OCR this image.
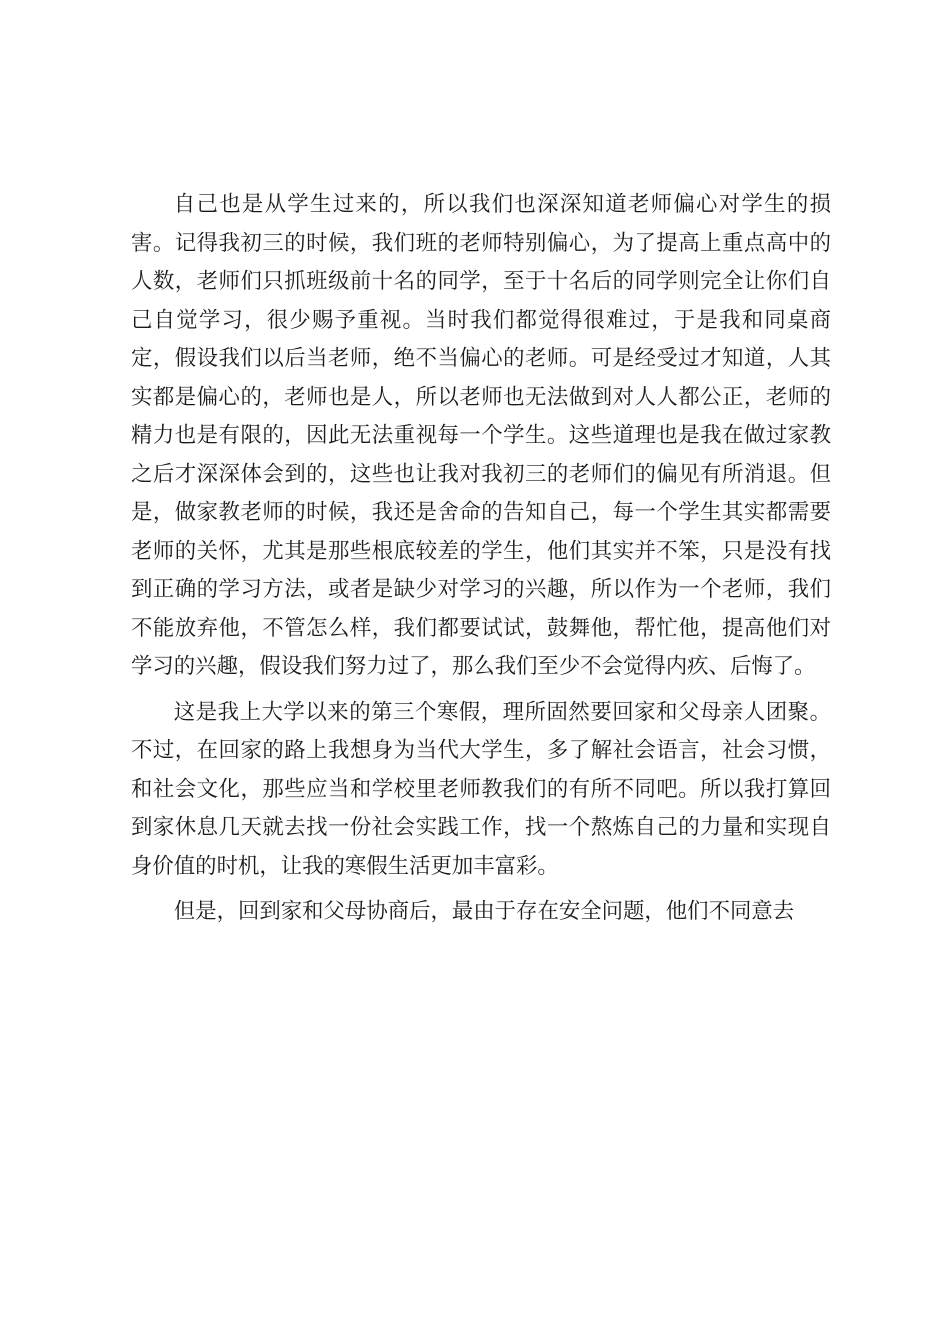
自己也是从学生过来的，所以我们也深深知道老师偏心对学生的损害。记得我初三的时候，我们班的老师特别偏心，为了提高上重点高中的人数，老师们只抓班级前十名的同学，至于十名后的同学则完全让你们自己自觉学习，很少赐予重视。当时我们都觉得很难过，于是我和同桌商定，假设我们以后当老师，绝不当偏心的老师。可是经受过才知道，人其实都是偏心的，老师也是人，所以老师也无法做到对人人都公正，老师的精力也是有限的，因此无法重视每一个学生。这些道理也是我在做过家教之后才深深体会到的，这些也让我对我初三的老师们的偏见有所消退。但是，做家教老师的时候，我还是舍命的告知自己，每一个学生其实都需要老师的关怀，尤其是那些根底较差的学生，他们其实并不笨，只是没有找到正确的学习方法，或者是缺少对学习的兴趣，所以作为一个老师，我们不能放弃他，不管怎么样，我们都要试试，鼓舞他，帮忙他，提高他们对学习的兴趣，假设我们努力过了，那么我们至少不会觉得内疚、后悔了。

这是我上大学以来的第三个寒假，理所固然要回家和父母亲人团聚。不过，在回家的路上我想身为当代大学生，多了解社会语言，社会习惯，和社会文化，那些应当和学校里老师教我们的有所不同吧。所以我打算回到家休息几天就去找一份社会实践工作，找一个熬炼自己的力量和实现自身价值的时机，让我的寒假生活更加丰富彩。

但是，回到家和父母协商后，最由于存在安全问题，他们不同意去
